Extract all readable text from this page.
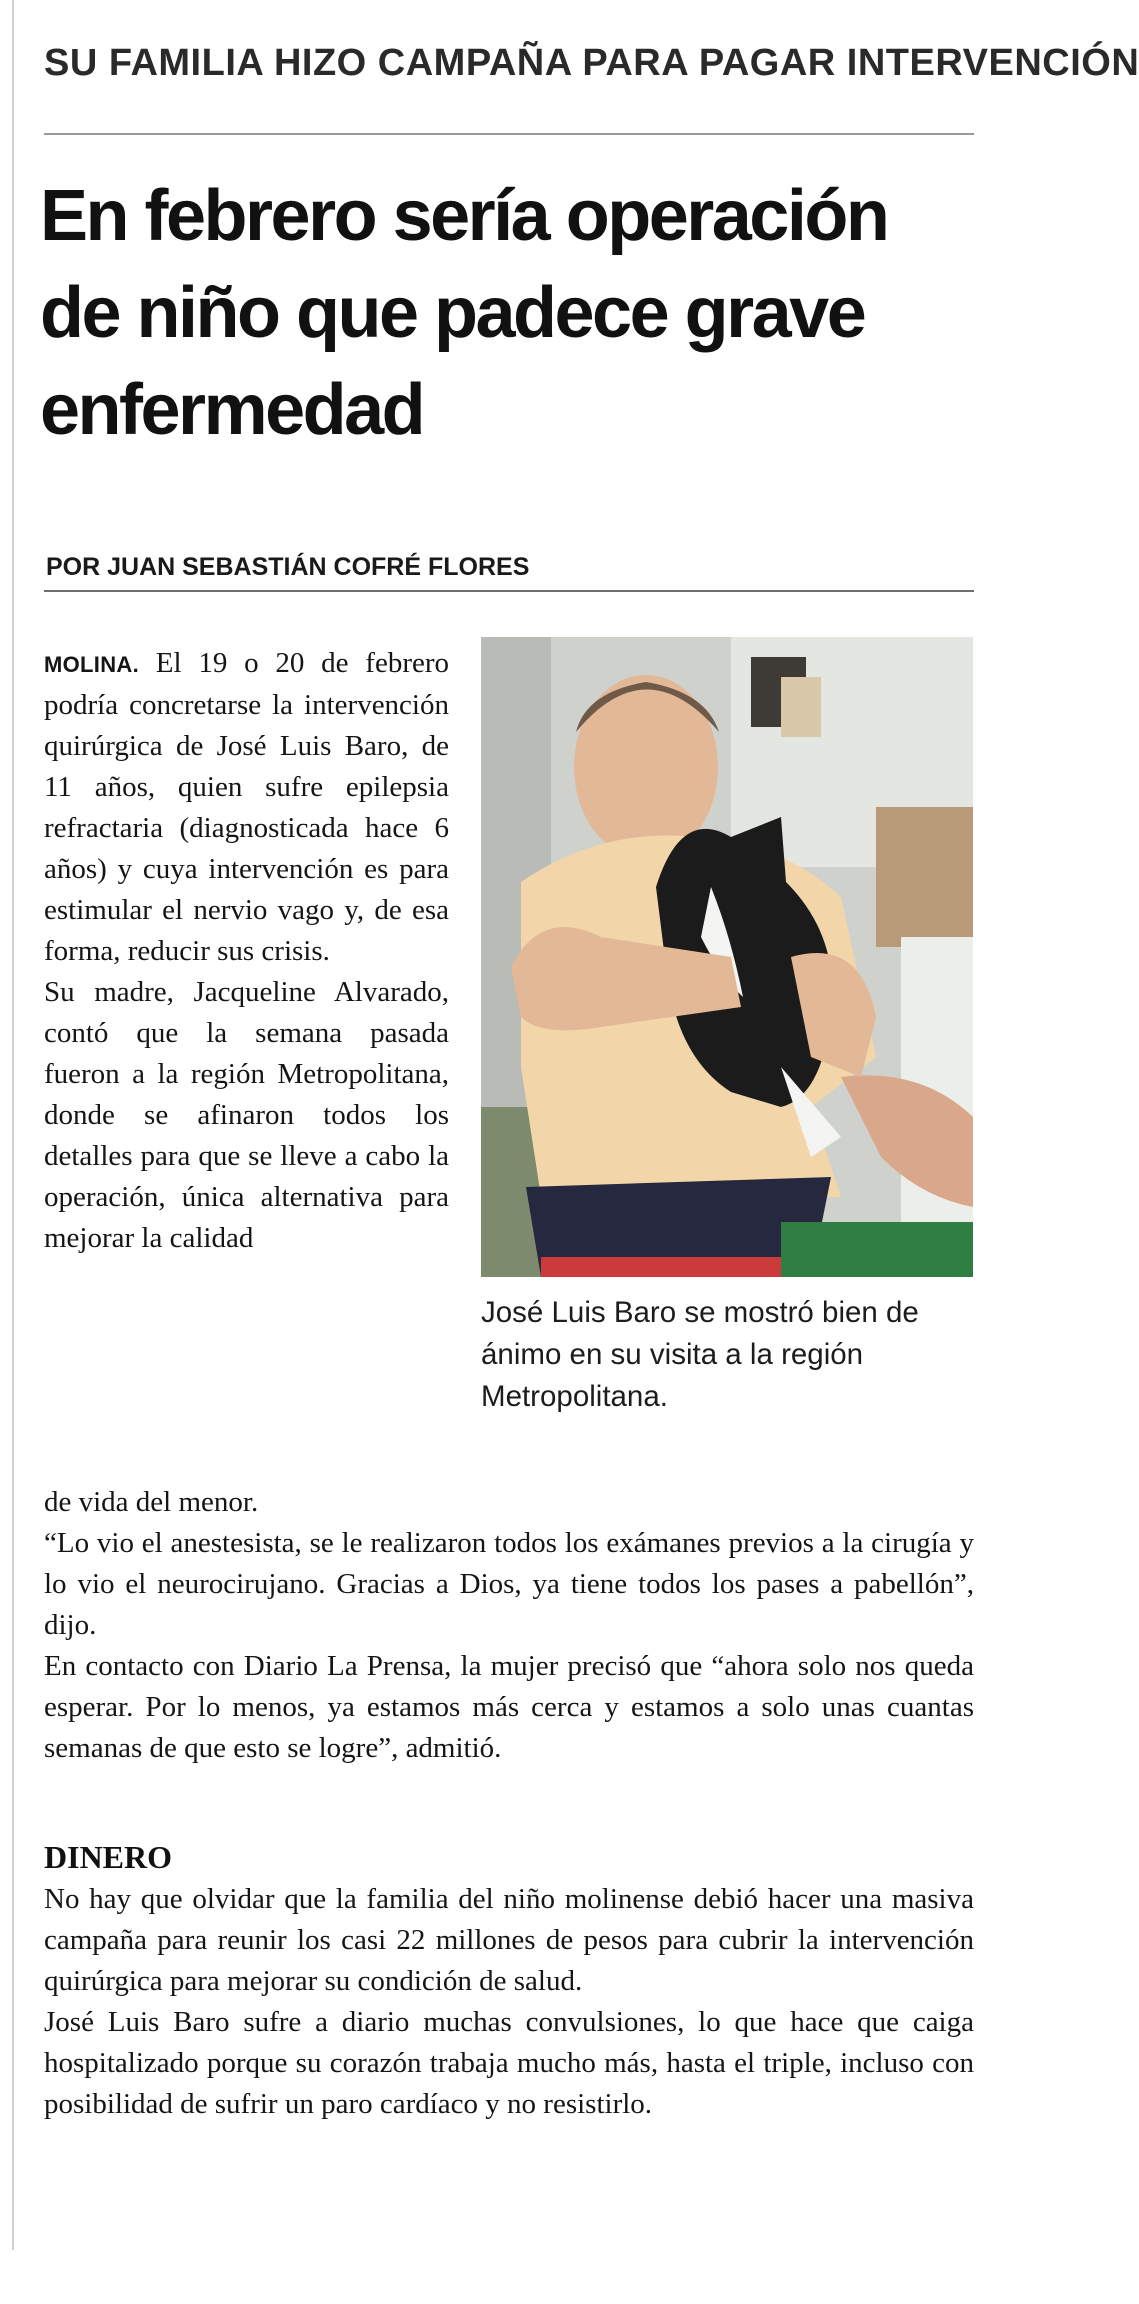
SU FAMILIA HIZO CAMPAÑA PARA PAGAR INTERVENCIÓN
En febrero sería operación de niño que padece grave enfermedad
POR JUAN SEBASTIÁN COFRÉ FLORES

MOLINA. El 19 o 20 de febrero podría concretarse la intervención quirúrgica de José Luis Baro, de 11 años, quien sufre epilepsia refractaria (diagnosticada hace 6 años) y cuya intervención es para estimular el nervio vago y, de esa forma, reducir sus crisis.

Su madre, Jacqueline Alvarado, contó que la semana pasada fueron a la región Metropolitana, donde se afinaron todos los detalles para que se lleve a cabo la operación, única alternativa para mejorar la calidad

José Luis Baro se mostró bien de ánimo en su visita a la región Metropolitana.

de vida del menor.

“Lo vio el anestesista, se le realizaron todos los exámanes previos a la cirugía y lo vio el neurocirujano. Gracias a Dios, ya tiene todos los pases a pabellón”, dijo.

En contacto con Diario La Prensa, la mujer precisó que “ahora solo nos queda esperar. Por lo menos, ya estamos más cerca y estamos a solo unas cuantas semanas de que esto se logre”, admitió.

DINERO

No hay que olvidar que la familia del niño molinense debió hacer una masiva campaña para reunir los casi 22 millones de pesos para cubrir la intervención quirúrgica para mejorar su condición de salud.

José Luis Baro sufre a diario muchas convulsiones, lo que hace que caiga hospitalizado porque su corazón trabaja mucho más, hasta el triple, incluso con posibilidad de sufrir un paro cardíaco y no resistirlo.
